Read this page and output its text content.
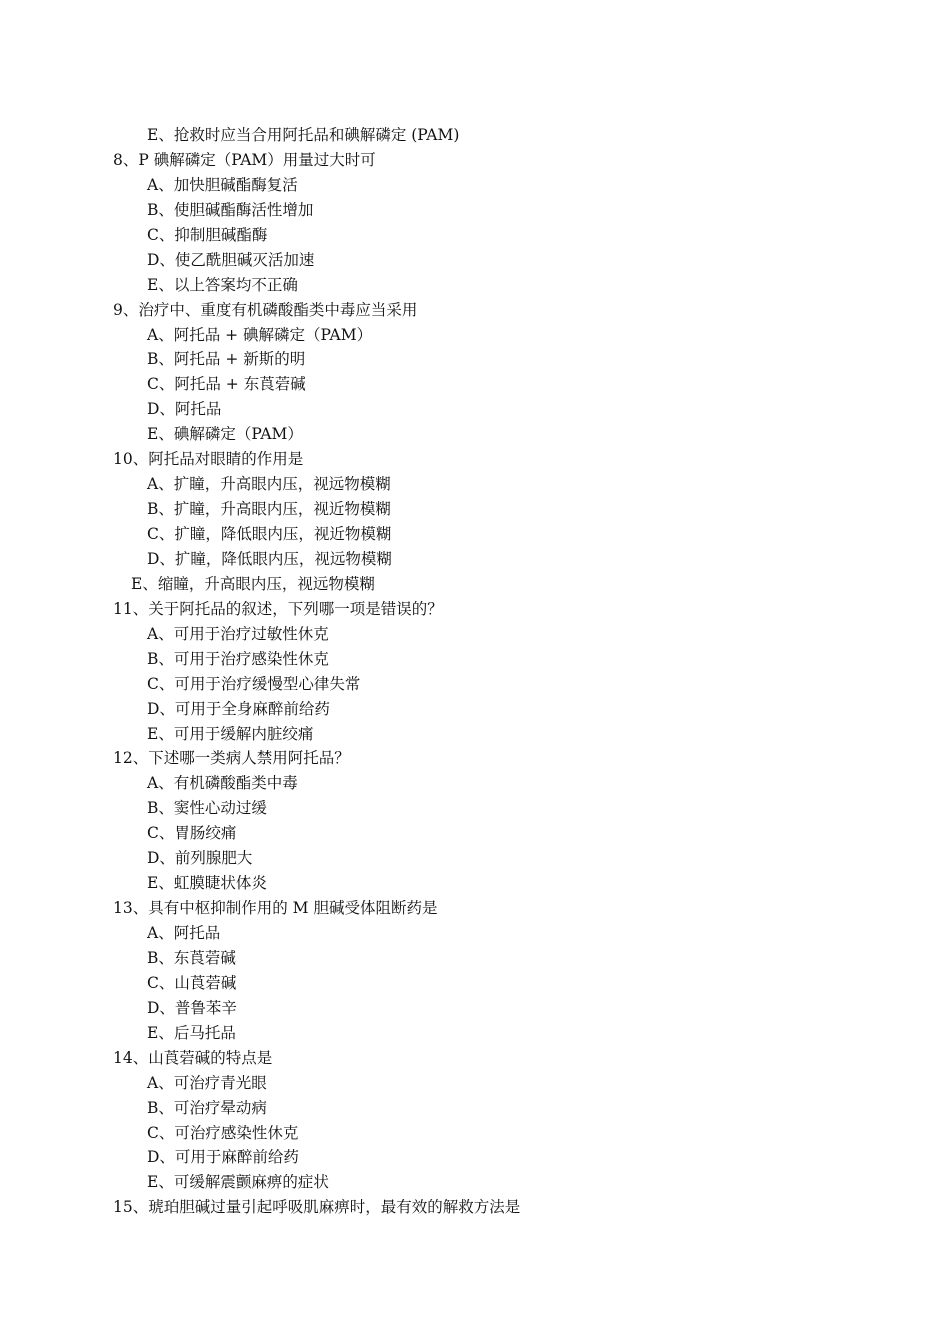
E、抢救时应当合用阿托品和碘解磷定 (PAM)
8、P 碘解磷定（PAM）用量过大时可
A、加快胆碱酯酶复活
B、使胆碱酯酶活性增加
C、抑制胆碱酯酶
D、使乙酰胆碱灭活加速
E、以上答案均不正确
9、治疗中、重度有机磷酸酯类中毒应当采用
A、阿托品 + 碘解磷定（PAM）
B、阿托品 + 新斯的明
C、阿托品 + 东莨菪碱
D、阿托品
E、碘解磷定（PAM）
10、阿托品对眼睛的作用是
A、扩瞳，升高眼内压，视远物模糊
B、扩瞳，升高眼内压，视近物模糊
C、扩瞳，降低眼内压，视近物模糊
D、扩瞳，降低眼内压，视远物模糊
E、缩瞳，升高眼内压，视远物模糊
11、关于阿托品的叙述，下列哪一项是错误的？
A、可用于治疗过敏性休克
B、可用于治疗感染性休克
C、可用于治疗缓慢型心律失常
D、可用于全身麻醉前给药
E、可用于缓解内脏绞痛
12、下述哪一类病人禁用阿托品？
A、有机磷酸酯类中毒
B、窦性心动过缓
C、胃肠绞痛
D、前列腺肥大
E、虹膜睫状体炎
13、具有中枢抑制作用的 M 胆碱受体阻断药是
A、阿托品
B、东莨菪碱
C、山莨菪碱
D、普鲁苯辛
E、后马托品
14、山莨菪碱的特点是
A、可治疗青光眼
B、可治疗晕动病
C、可治疗感染性休克
D、可用于麻醉前给药
E、可缓解震颤麻痹的症状
15、琥珀胆碱过量引起呼吸肌麻痹时，最有效的解救方法是
